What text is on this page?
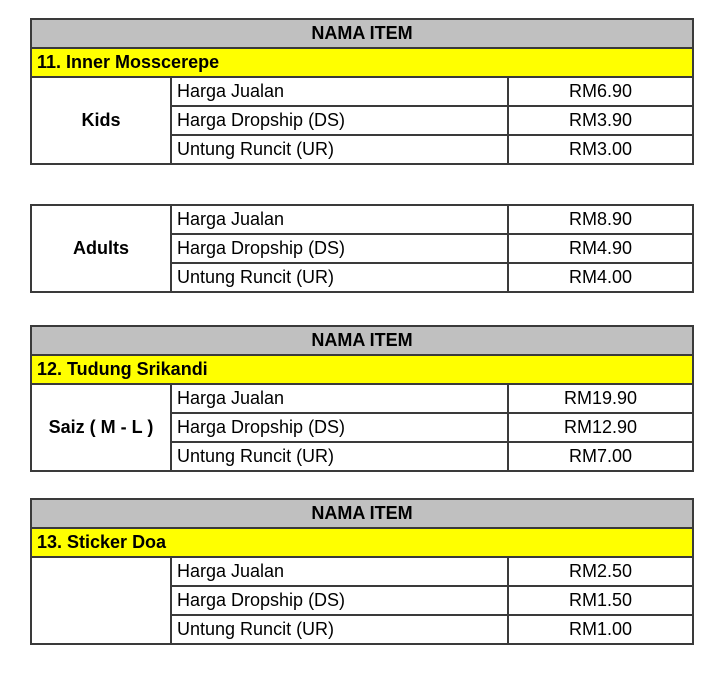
NAMA ITEM		
11. Inner Mosscerepe		
Kids	Harga Jualan	RM6.90
	Harga Dropship (DS)	RM3.90
	Untung Runcit (UR)	RM3.00
Adults	Harga Jualan	RM8.90
	Harga Dropship (DS)	RM4.90
	Untung Runcit (UR)	RM4.00
NAMA ITEM		
12. Tudung Srikandi		
Saiz ( M - L )	Harga Jualan	RM19.90
	Harga Dropship (DS)	RM12.90
	Untung Runcit (UR)	RM7.00
NAMA ITEM		
13. Sticker Doa		
	Harga Jualan	RM2.50
	Harga Dropship (DS)	RM1.50
	Untung Runcit (UR)	RM1.00
